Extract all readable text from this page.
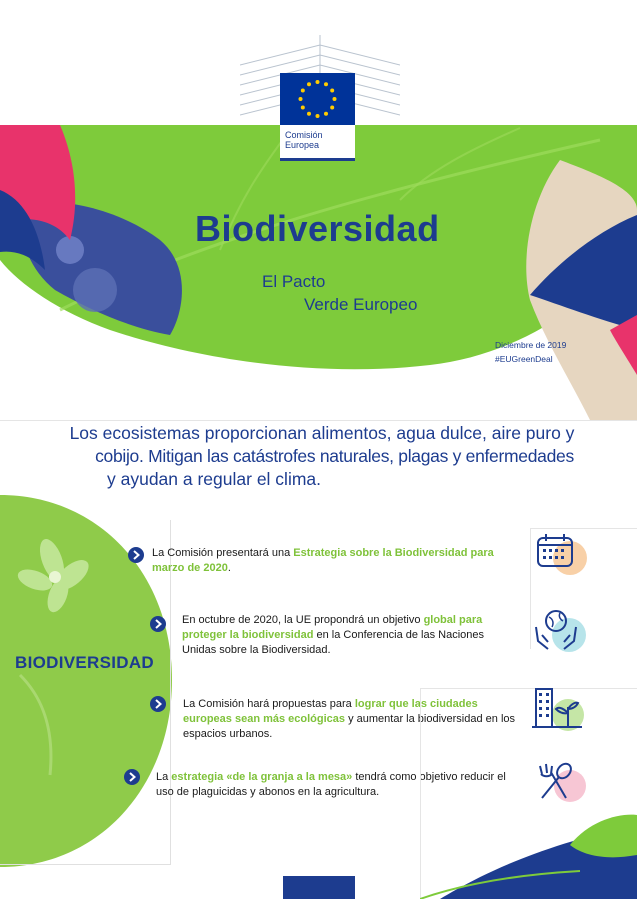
Comisión
Europea
Biodiversidad
El Pacto
Verde Europeo
Diciembre de 2019
#EUGreenDeal
Los ecosistemas proporcionan alimentos, agua dulce, aire puro y
cobijo. Mitigan las catástrofes naturales, plagas y enfermedades
y ayudan a regular el clima.
BIODIVERSIDAD
La Comisión presentará una Estrategia sobre la Biodiversidad para marzo de 2020.
En octubre de 2020, la UE propondrá un objetivo global para proteger la biodiversidad en la Conferencia de las Naciones Unidas sobre la Biodiversidad.
La Comisión hará propuestas para lograr que las ciudades europeas sean más ecológicas y aumentar la biodiversidad en los espacios urbanos.
La estrategia «de la granja a la mesa» tendrá como objetivo reducir el uso de plaguicidas y abonos en la agricultura.
